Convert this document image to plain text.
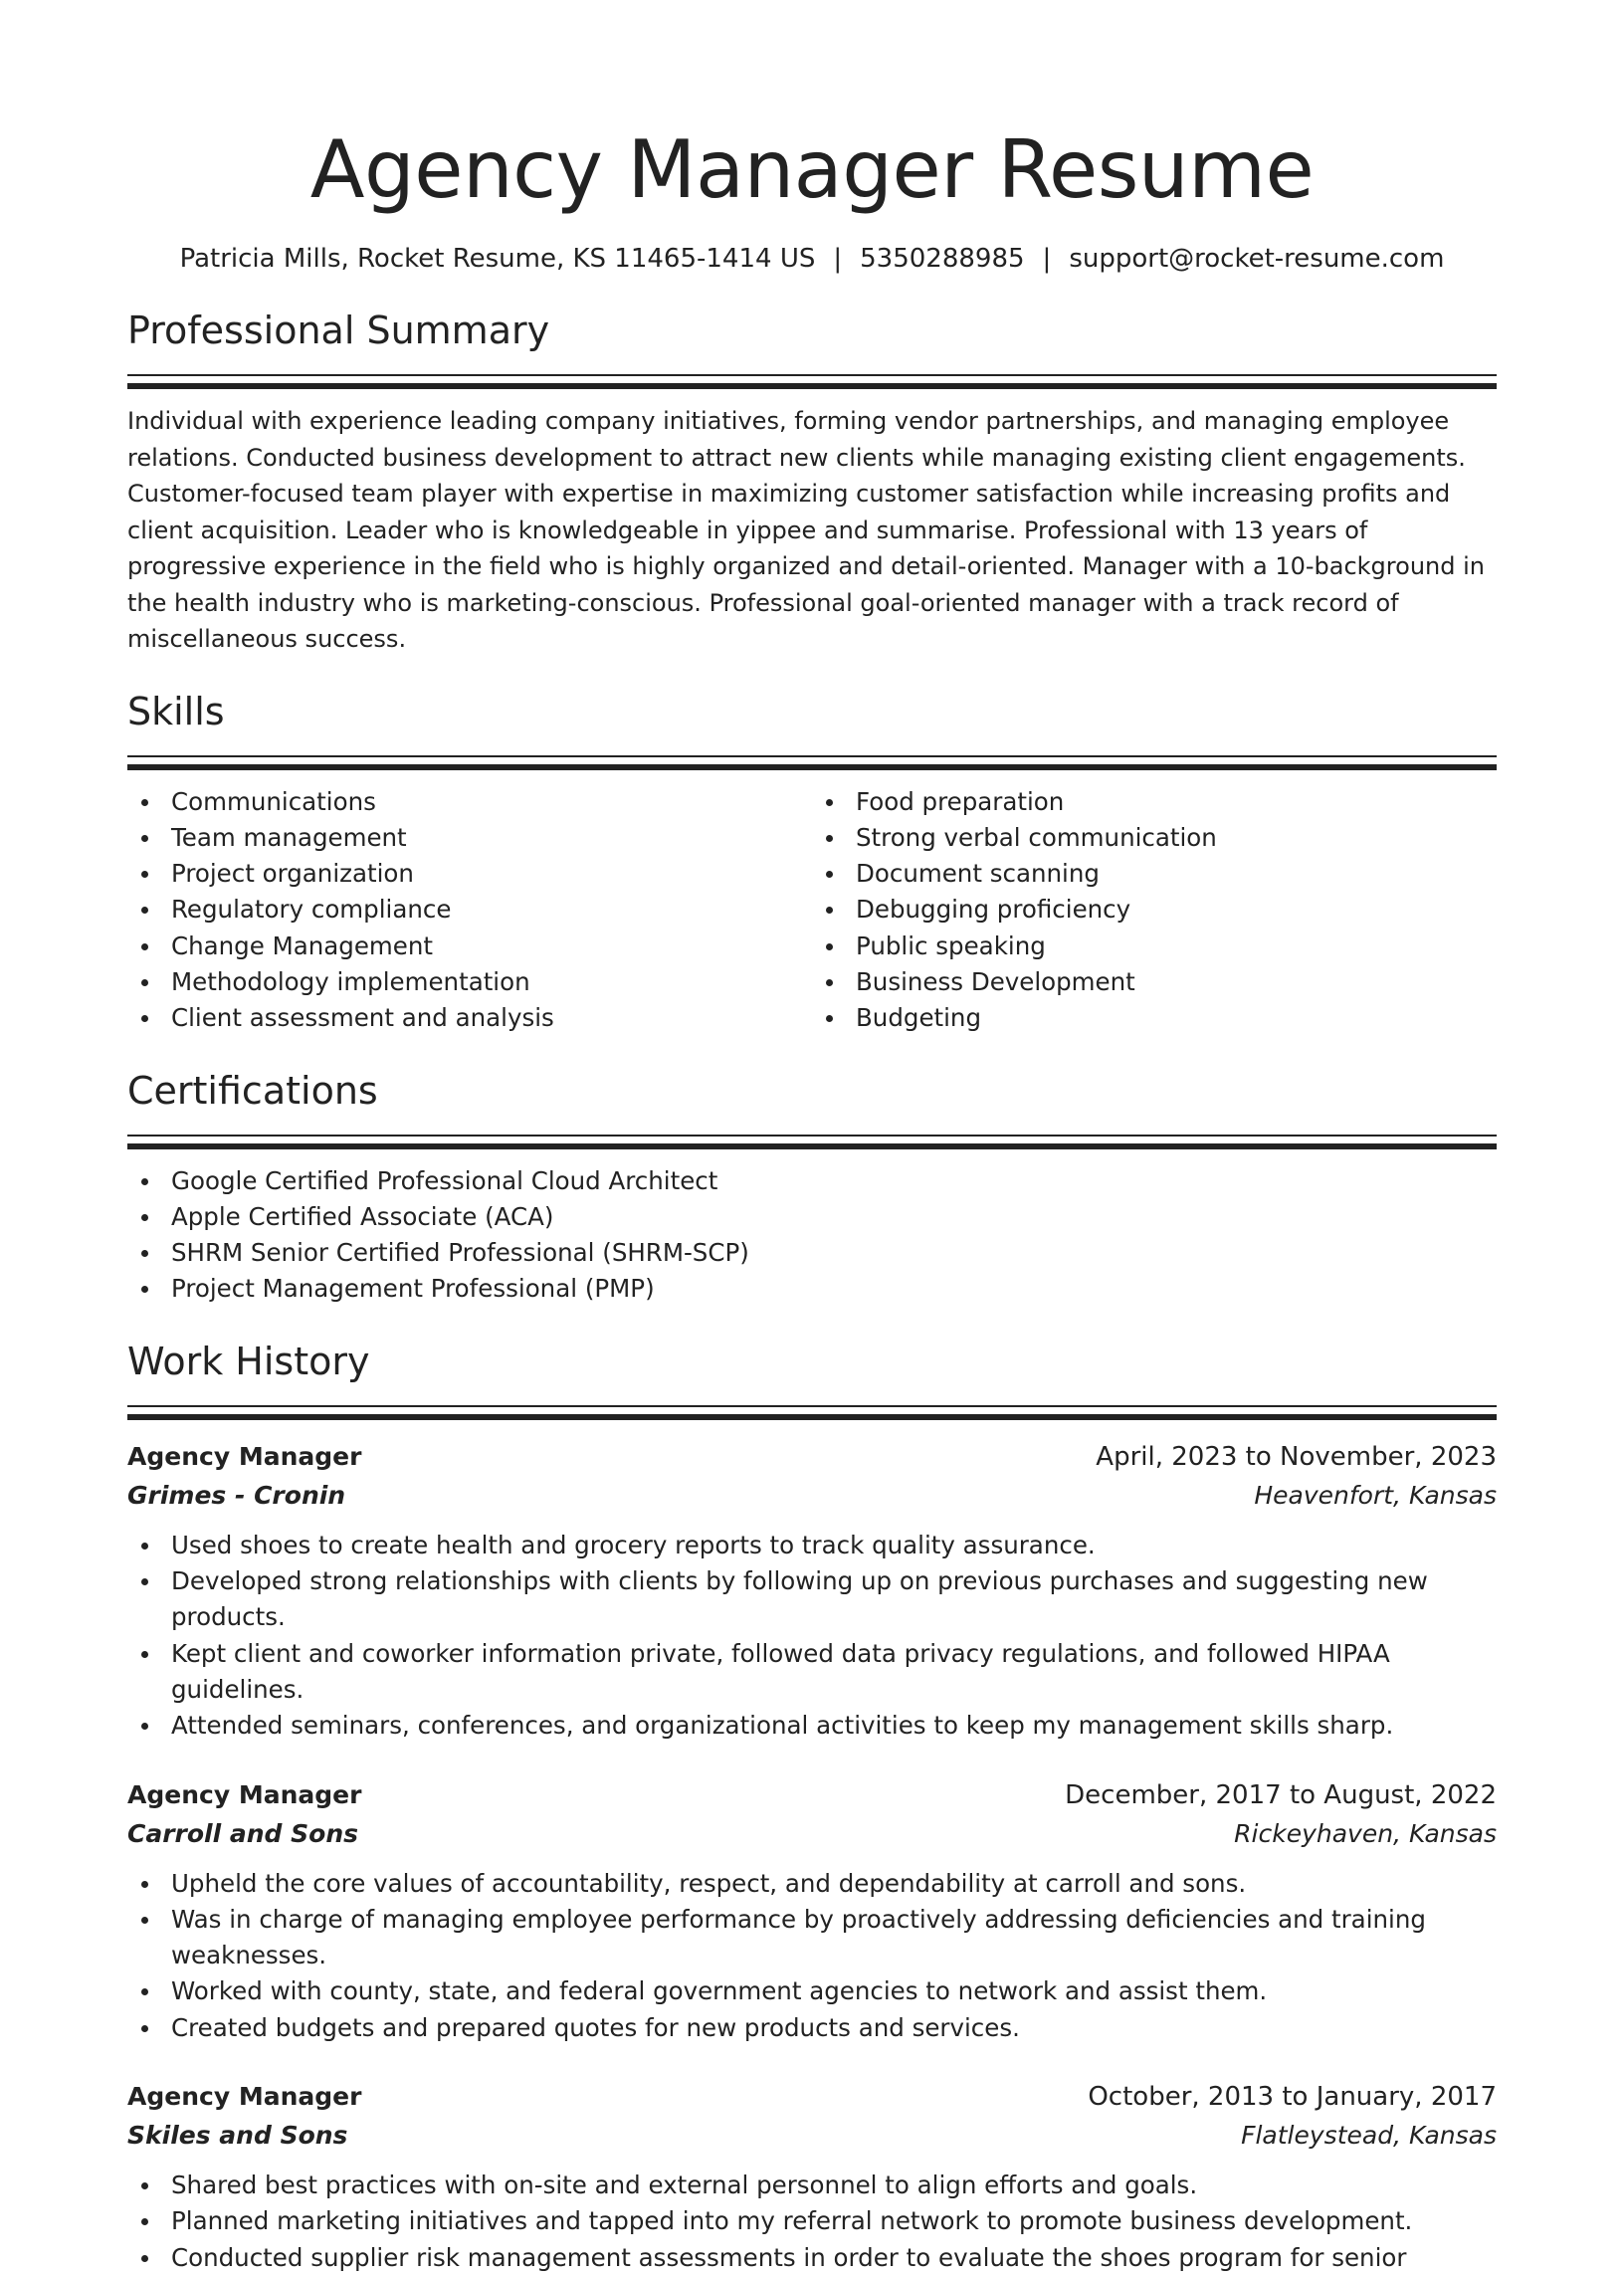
Agency Manager Resume
Patricia Mills, Rocket Resume, KS 11465-1414 US | 5350288985 | support@rocket-resume.com
Professional Summary

Individual with experience leading company initiatives, forming vendor partnerships, and managing employee relations. Conducted business development to attract new clients while managing existing client engagements. Customer-focused team player with expertise in maximizing customer satisfaction while increasing profits and client acquisition. Leader who is knowledgeable in yippee and summarise. Professional with 13 years of progressive experience in the field who is highly organized and detail-oriented. Manager with a 10-background in the health industry who is marketing-conscious. Professional goal-oriented manager with a track record of miscellaneous success.

Skills
Communications
Team management
Project organization
Regulatory compliance
Change Management
Methodology implementation
Client assessment and analysis
Food preparation
Strong verbal communication
Document scanning
Debugging proficiency
Public speaking
Business Development
Budgeting
Certifications
Google Certified Professional Cloud Architect
Apple Certified Associate (ACA)
SHRM Senior Certified Professional (SHRM-SCP)
Project Management Professional (PMP)
Work History
Agency Manager	April, 2023 to November, 2023
Grimes - Cronin	Heavenfort, Kansas
Used shoes to create health and grocery reports to track quality assurance.
Developed strong relationships with clients by following up on previous purchases and suggesting new products.
Kept client and coworker information private, followed data privacy regulations, and followed HIPAA guidelines.
Attended seminars, conferences, and organizational activities to keep my management skills sharp.
Agency Manager	December, 2017 to August, 2022
Carroll and Sons	Rickeyhaven, Kansas
Upheld the core values of accountability, respect, and dependability at carroll and sons.
Was in charge of managing employee performance by proactively addressing deficiencies and training weaknesses.
Worked with county, state, and federal government agencies to network and assist them.
Created budgets and prepared quotes for new products and services.
Agency Manager	October, 2013 to January, 2017
Skiles and Sons	Flatleystead, Kansas
Shared best practices with on-site and external personnel to align efforts and goals.
Planned marketing initiatives and tapped into my referral network to promote business development.
Conducted supplier risk management assessments in order to evaluate the shoes program for senior
